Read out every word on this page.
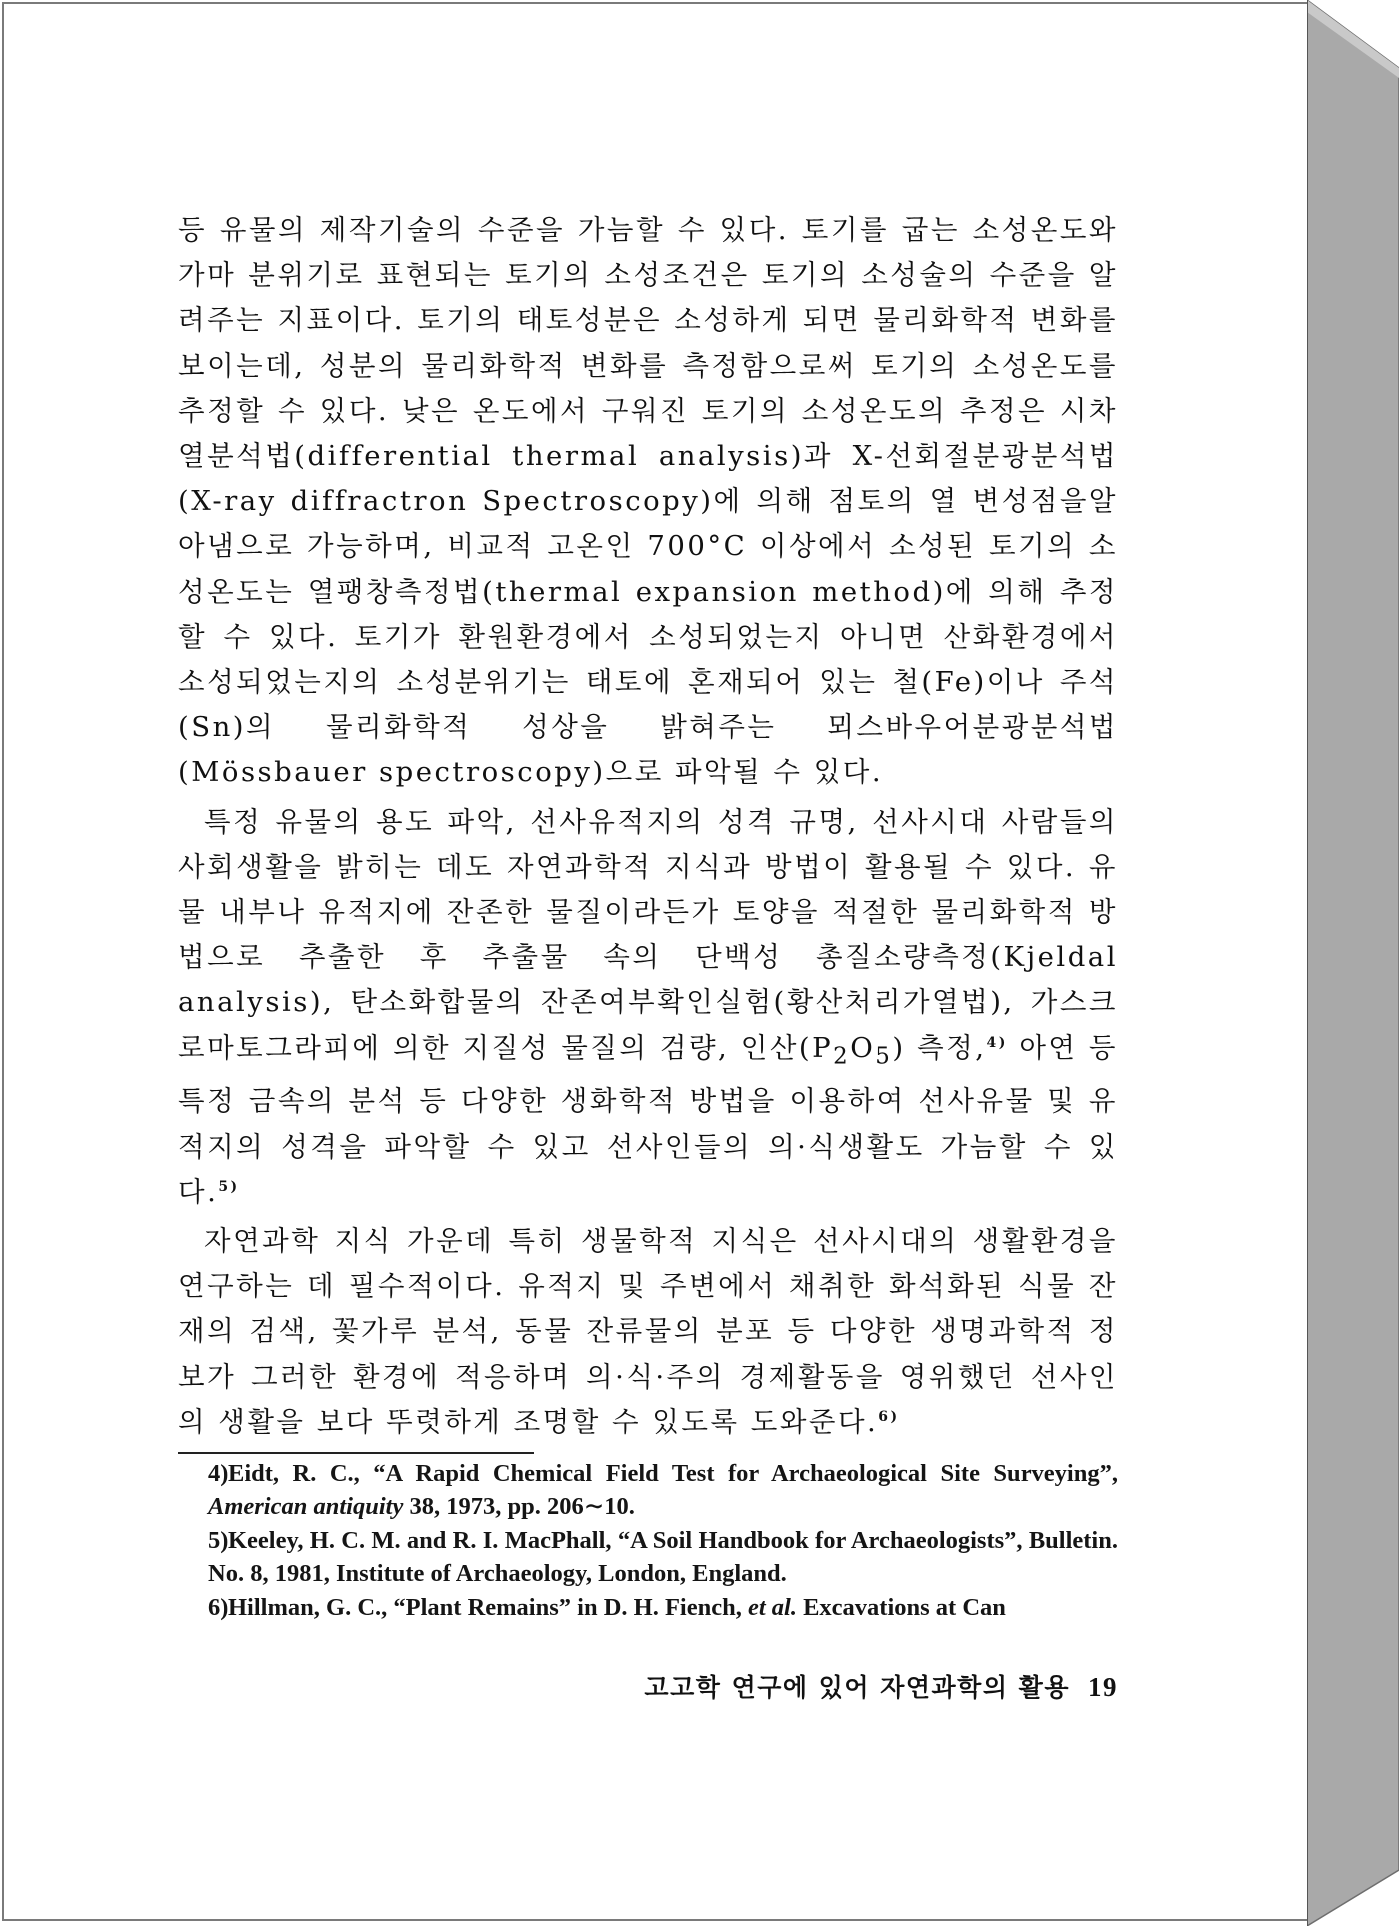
등 유물의 제작기술의 수준을 가늠할 수 있다. 토기를 굽는 소성온도와 가마 분위기로 표현되는 토기의 소성조건은 토기의 소성술의 수준을 알려주는 지표이다. 토기의 태토성분은 소성하게 되면 물리화학적 변화를 보이는데, 성분의 물리화학적 변화를 측정함으로써 토기의 소성온도를 추정할 수 있다. 낮은 온도에서 구워진 토기의 소성온도의 추정은 시차열분석법(differential thermal analysis)과 X-선회절분광분석법(X-ray diffractron Spectroscopy)에 의해 점토의 열 변성점을알아냄으로 가능하며, 비교적 고온인 700°C 이상에서 소성된 토기의 소성온도는 열팽창측정법(thermal expansion method)에 의해 추정할 수 있다. 토기가 환원환경에서 소성되었는지 아니면 산화환경에서 소성되었는지의 소성분위기는 태토에 혼재되어 있는 철(Fe)이나 주석(Sn)의 물리화학적 성상을 밝혀주는 뫼스바우어분광분석법(Mössbauer spectroscopy)으로 파악될 수 있다.

특정 유물의 용도 파악, 선사유적지의 성격 규명, 선사시대 사람들의 사회생활을 밝히는 데도 자연과학적 지식과 방법이 활용될 수 있다. 유물 내부나 유적지에 잔존한 물질이라든가 토양을 적절한 물리화학적 방법으로 추출한 후 추출물 속의 단백성 총질소량측정(Kjeldal analysis), 탄소화합물의 잔존여부확인실험(황산처리가열법), 가스크로마토그라피에 의한 지질성 물질의 검량, 인산$(P_2O_5)$ 측정,$^{4)}$ 아연 등 특정 금속의 분석 등 다양한 생화학적 방법을 이용하여 선사유물 및 유적지의 성격을 파악할 수 있고 선사인들의 의·식생활도 가늠할 수 있다.$^{5)}$

자연과학 지식 가운데 특히 생물학적 지식은 선사시대의 생활환경을 연구하는 데 필수적이다. 유적지 및 주변에서 채취한 화석화된 식물 잔재의 검색, 꽃가루 분석, 동물 잔류물의 분포 등 다양한 생명과학적 정보가 그러한 환경에 적응하며 의·식·주의 경제활동을 영위했던 선사인의 생활을 보다 뚜렷하게 조명할 수 있도록 도와준다.$^{6)}$

4) Eidt, R. C., “A Rapid Chemical Field Test for Archaeological Site Surveying”, American antiquity 38, 1973, pp. 206∼10.
5) Keeley, H. C. M. and R. I. MacPhall, “A Soil Handbook for Archaeologists”, Bulletin. No. 8, 1981, Institute of Archaeology, London, England.
6) Hillman, G. C., “Plant Remains” in D. H. Fiench, et al. Excavations at Can
고고학 연구에 있어 자연과학의 활용 19
